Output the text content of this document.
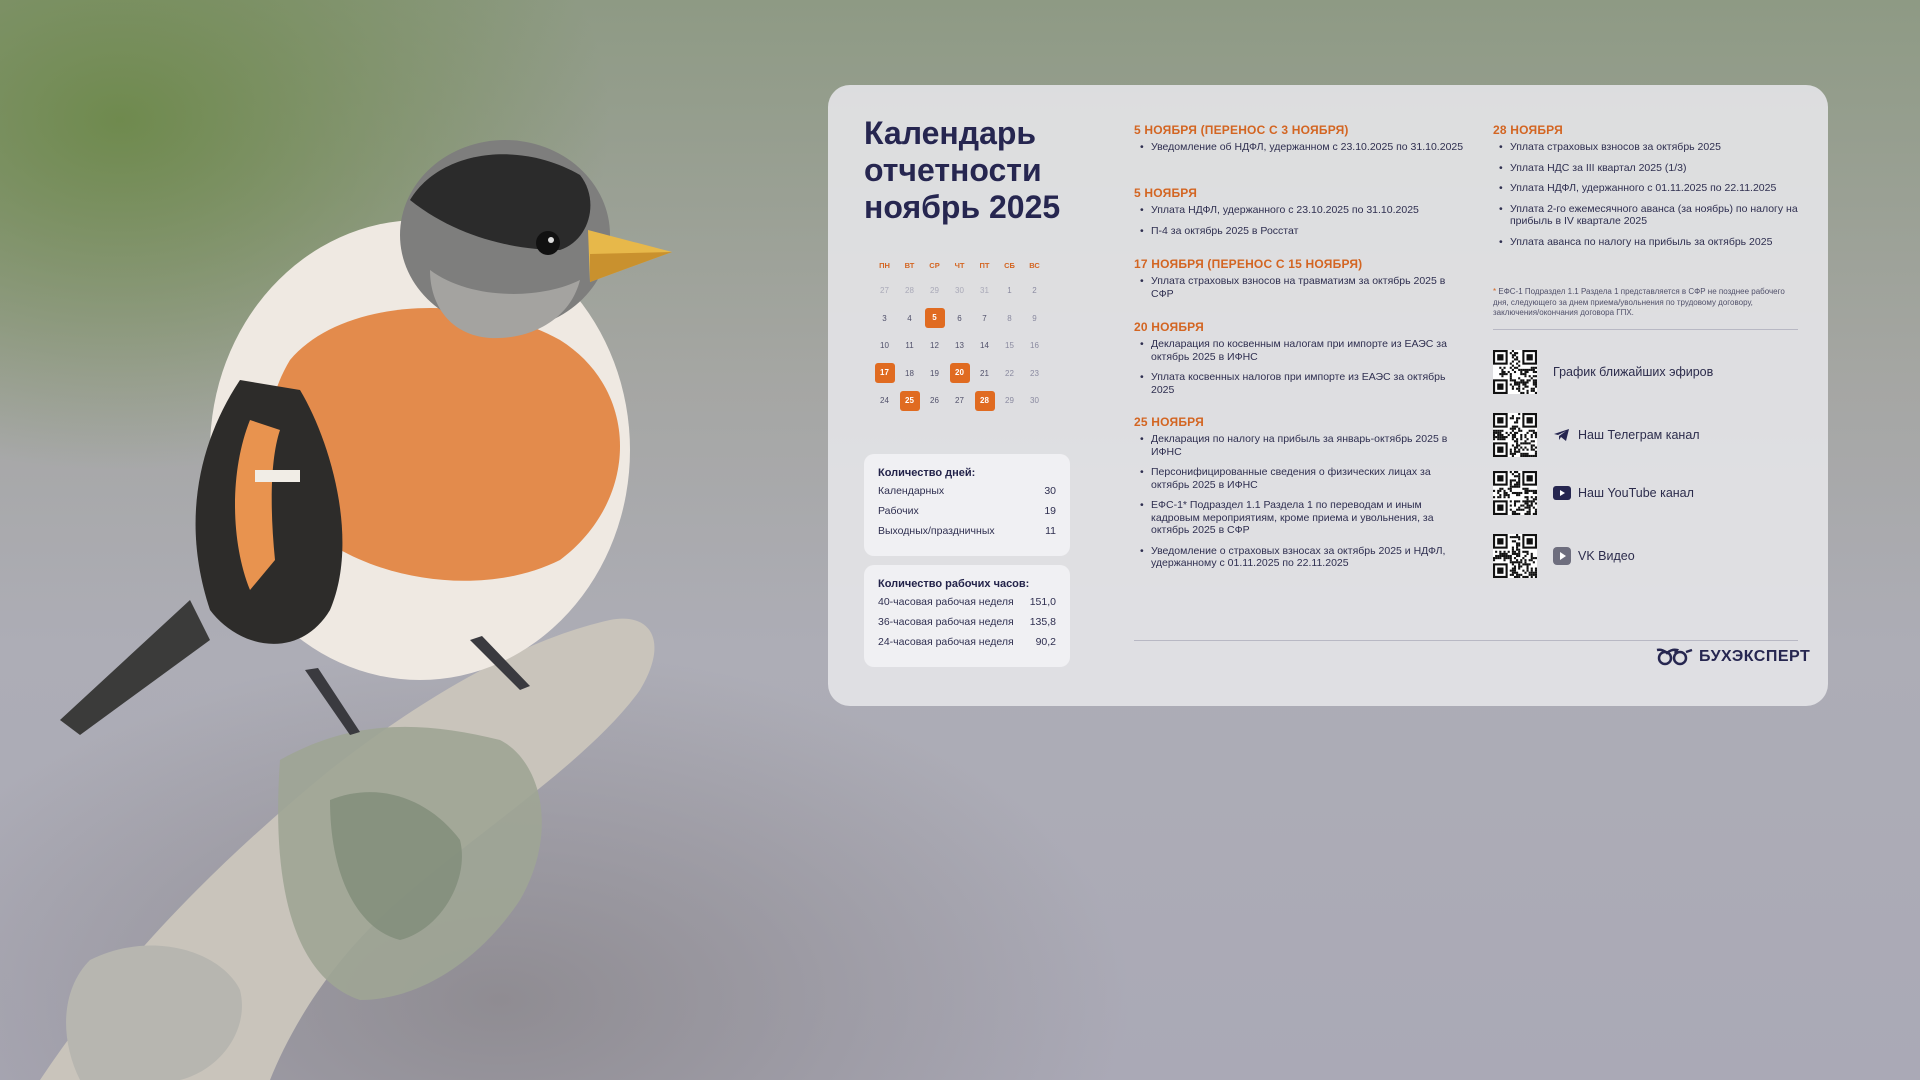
Календарь отчетности ноябрь 2025
ПН	ВТ	СР	ЧТ	ПТ	СБ	ВС
27	28	29	30	31	1	2
3	4	5	6	7	8	9
10	11	12	13	14	15	16
17	18	19	20	21	22	23
24	25	26	27	28	29	30
Количество дней:
Календарных	30
Рабочих	19
Выходных/праздничных	11
Количество рабочих часов:
40-часовая рабочая неделя 151,0
36-часовая рабочая неделя 135,8
24-часовая рабочая неделя 90,2
5 НОЯБРЯ (ПЕРЕНОС С 3 НОЯБРЯ)
• Уведомление об НДФЛ, удержанном с 23.10.2025 по 31.10.2025
5 НОЯБРЯ
• Уплата НДФЛ, удержанного с 23.10.2025 по 31.10.2025
• П-4 за октябрь 2025 в Росстат
17 НОЯБРЯ (ПЕРЕНОС С 15 НОЯБРЯ)
• Уплата страховых взносов на травматизм за октябрь 2025 в СФР
20 НОЯБРЯ
• Декларация по косвенным налогам при импорте из ЕАЭС за октябрь 2025 в ИФНС
• Уплата косвенных налогов при импорте из ЕАЭС за октябрь 2025
25 НОЯБРЯ
• Декларация по налогу на прибыль за январь-октябрь 2025 в ИФНС
• Персонифицированные сведения о физических лицах за октябрь 2025 в ИФНС
• ЕФС-1* Подраздел 1.1 Раздела 1 по переводам и иным кадровым мероприятиям, кроме приема и увольнения, за октябрь 2025 в СФР
• Уведомление о страховых взносах за октябрь 2025 и НДФЛ, удержанному с 01.11.2025 по 22.11.2025
28 НОЯБРЯ
• Уплата страховых взносов за октябрь 2025
• Уплата НДС за III квартал 2025 (1/3)
• Уплата НДФЛ, удержанного с 01.11.2025 по 22.11.2025
• Уплата 2-го ежемесячного аванса (за ноябрь) по налогу на прибыль в IV квартале 2025
• Уплата аванса по налогу на прибыль за октябрь 2025
* ЕФС-1 Подраздел 1.1 Раздела 1 представляется в СФР не позднее рабочего дня, следующего за днем приема/увольнения по трудовому договору, заключения/окончания договора ГПХ.
График ближайших эфиров
Наш Телеграм канал
Наш YouTube канал
VK Видео
БУХЭКСПЕРТ
